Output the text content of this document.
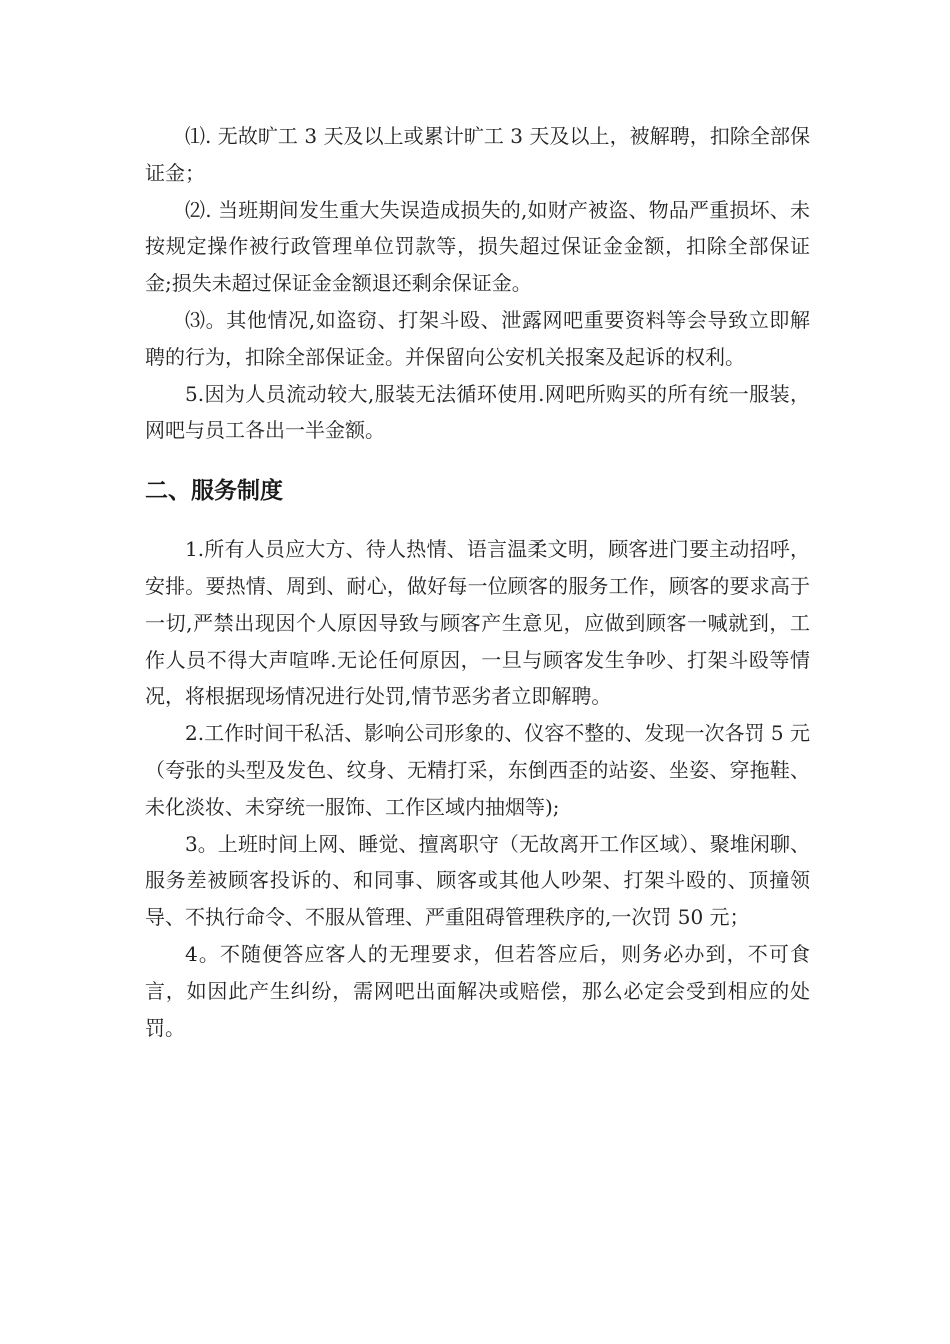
⑴. 无故旷工 3 天及以上或累计旷工 3 天及以上，被解聘，扣除全部保证金；

⑵. 当班期间发生重大失误造成损失的,如财产被盗、物品严重损坏、未按规定操作被行政管理单位罚款等，损失超过保证金金额，扣除全部保证金;损失未超过保证金金额退还剩余保证金。

⑶。其他情况,如盗窃、打架斗殴、泄露网吧重要资料等会导致立即解聘的行为，扣除全部保证金。并保留向公安机关报案及起诉的权利。

5.因为人员流动较大,服装无法循环使用.网吧所购买的所有统一服装，网吧与员工各出一半金额。

二、服务制度

1.所有人员应大方、待人热情、语言温柔文明，顾客进门要主动招呼，安排。要热情、周到、耐心，做好每一位顾客的服务工作，顾客的要求高于一切,严禁出现因个人原因导致与顾客产生意见，应做到顾客一喊就到，工作人员不得大声喧哗.无论任何原因，一旦与顾客发生争吵、打架斗殴等情况，将根据现场情况进行处罚,情节恶劣者立即解聘。

2.工作时间干私活、影响公司形象的、仪容不整的、发现一次各罚 5 元（夸张的头型及发色、纹身、无精打采，东倒西歪的站姿、坐姿、穿拖鞋、未化淡妆、未穿统一服饰、工作区域内抽烟等);

3。上班时间上网、睡觉、擅离职守（无故离开工作区域）、聚堆闲聊、服务差被顾客投诉的、和同事、顾客或其他人吵架、打架斗殴的、顶撞领导、不执行命令、不服从管理、严重阻碍管理秩序的,一次罚 50 元；

4。不随便答应客人的无理要求，但若答应后，则务必办到，不可食言，如因此产生纠纷，需网吧出面解决或赔偿，那么必定会受到相应的处罚。
